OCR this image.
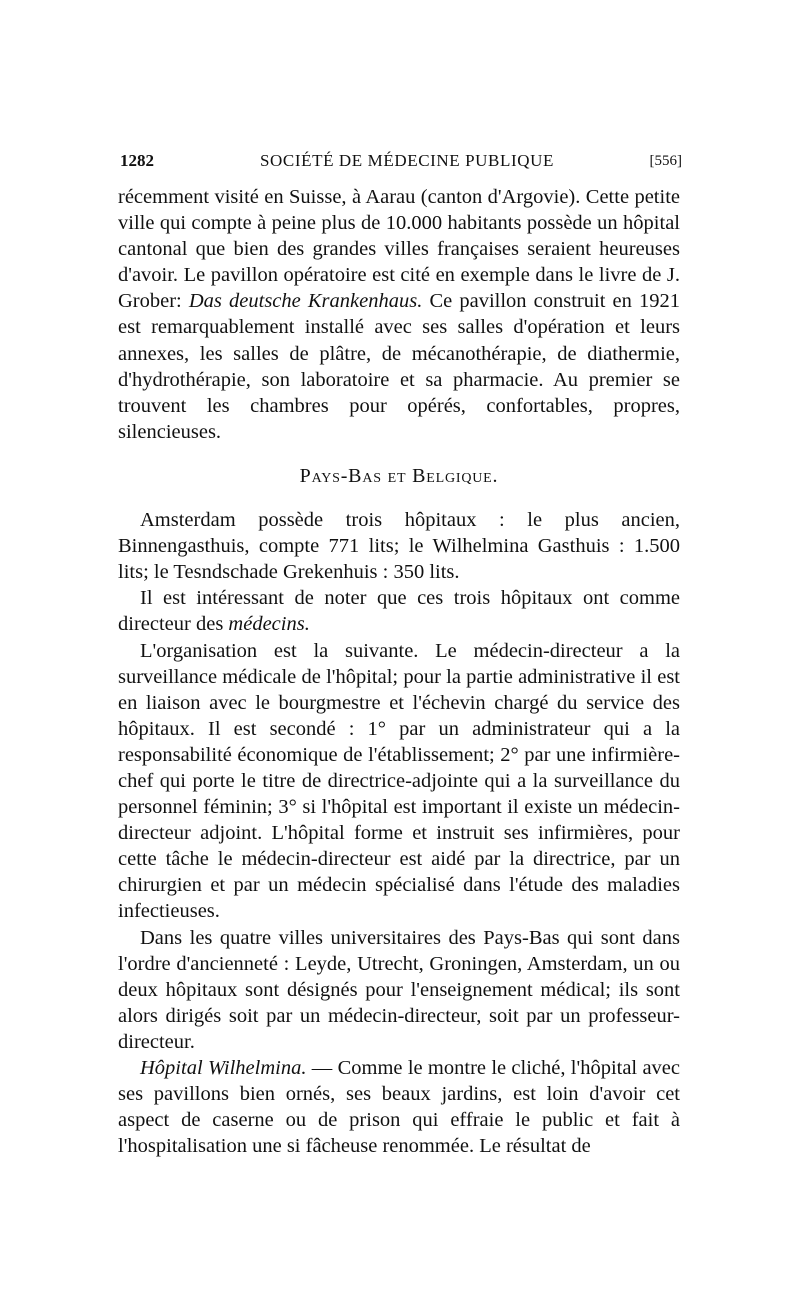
1282	SOCIÉTÉ DE MÉDECINE PUBLIQUE	[556]

récemment visité en Suisse, à Aarau (canton d'Argovie). Cette petite ville qui compte à peine plus de 10.000 habitants possède un hôpital cantonal que bien des grandes villes françaises seraient heureuses d'avoir. Le pavillon opératoire est cité en exemple dans le livre de J. Grober: Das deutsche Krankenhaus. Ce pavillon construit en 1921 est remarquablement installé avec ses salles d'opération et leurs annexes, les salles de plâtre, de mécanothérapie, de diathermie, d'hydrothérapie, son laboratoire et sa pharmacie. Au premier se trouvent les chambres pour opérés, confortables, propres, silencieuses.

Pays-Bas et Belgique.

Amsterdam possède trois hôpitaux : le plus ancien, Binnengasthuis, compte 771 lits; le Wilhelmina Gasthuis : 1.500 lits; le Tesndschade Grekenhuis : 350 lits.

Il est intéressant de noter que ces trois hôpitaux ont comme directeur des médecins.

L'organisation est la suivante. Le médecin-directeur a la surveillance médicale de l'hôpital; pour la partie administrative il est en liaison avec le bourgmestre et l'échevin chargé du service des hôpitaux. Il est secondé : 1° par un administrateur qui a la responsabilité économique de l'établissement; 2° par une infirmière-chef qui porte le titre de directrice-adjointe qui a la surveillance du personnel féminin; 3° si l'hôpital est important il existe un médecin-directeur adjoint. L'hôpital forme et instruit ses infirmières, pour cette tâche le médecin-directeur est aidé par la directrice, par un chirurgien et par un médecin spécialisé dans l'étude des maladies infectieuses.

Dans les quatre villes universitaires des Pays-Bas qui sont dans l'ordre d'ancienneté : Leyde, Utrecht, Groningen, Amsterdam, un ou deux hôpitaux sont désignés pour l'enseignement médical; ils sont alors dirigés soit par un médecin-directeur, soit par un professeur-directeur.

Hôpital Wilhelmina. — Comme le montre le cliché, l'hôpital avec ses pavillons bien ornés, ses beaux jardins, est loin d'avoir cet aspect de caserne ou de prison qui effraie le public et fait à l'hospitalisation une si fâcheuse renommée. Le résultat de
